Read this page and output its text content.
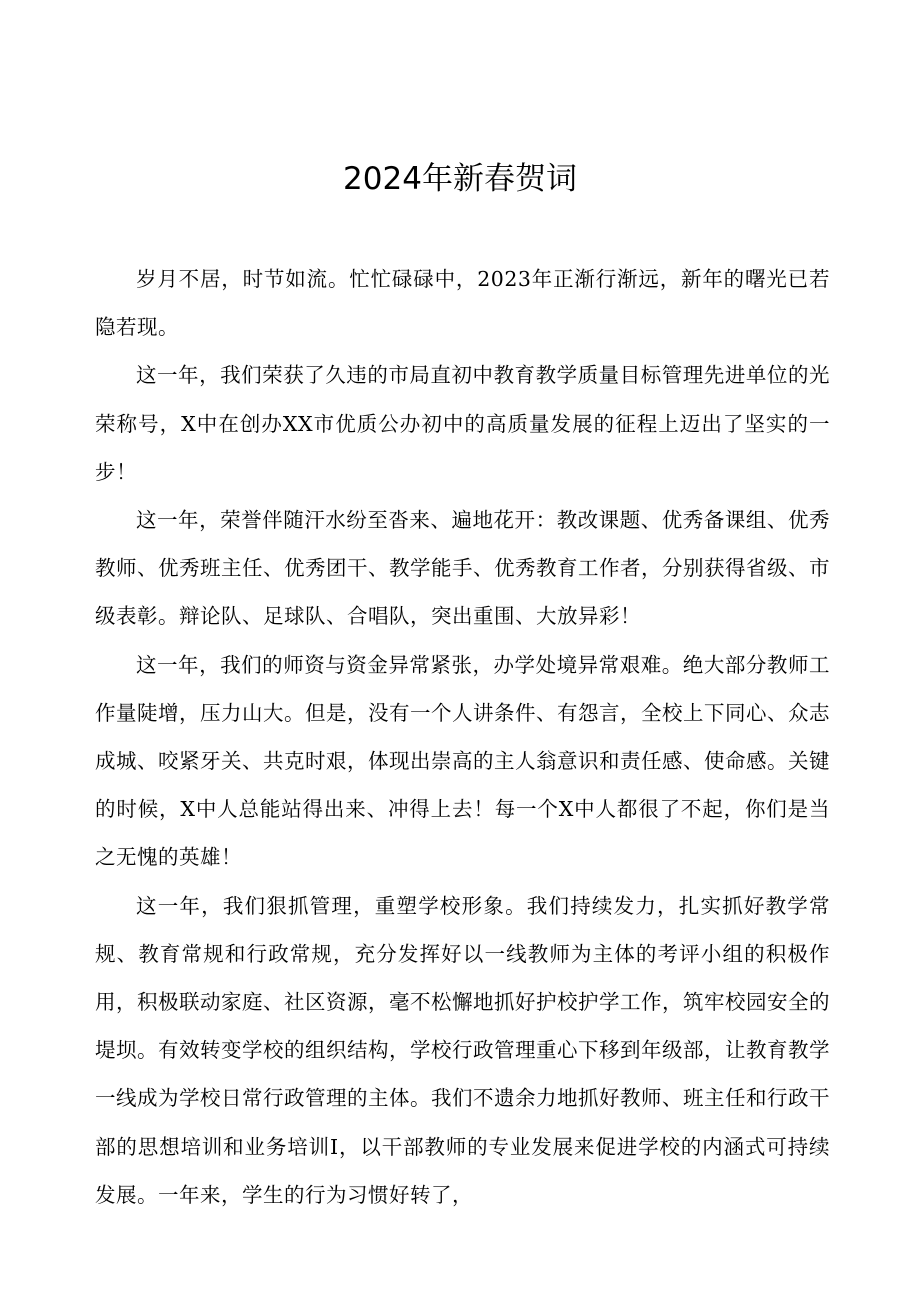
2024年新春贺词

岁月不居，时节如流。忙忙碌碌中，2023年正渐行渐远，新年的曙光已若隐若现。

这一年，我们荣获了久违的市局直初中教育教学质量目标管理先进单位的光荣称号，X中在创办XX市优质公办初中的高质量发展的征程上迈出了坚实的一步！

这一年，荣誉伴随汗水纷至沓来、遍地花开：教改课题、优秀备课组、优秀教师、优秀班主任、优秀团干、教学能手、优秀教育工作者，分别获得省级、市级表彰。辩论队、足球队、合唱队，突出重围、大放异彩！

这一年，我们的师资与资金异常紧张，办学处境异常艰难。绝大部分教师工作量陡增，压力山大。但是，没有一个人讲条件、有怨言，全校上下同心、众志成城、咬紧牙关、共克时艰，体现出崇高的主人翁意识和责任感、使命感。关键的时候，X中人总能站得出来、冲得上去！每一个X中人都很了不起，你们是当之无愧的英雄！

这一年，我们狠抓管理，重塑学校形象。我们持续发力，扎实抓好教学常规、教育常规和行政常规，充分发挥好以一线教师为主体的考评小组的积极作用，积极联动家庭、社区资源，毫不松懈地抓好护校护学工作，筑牢校园安全的堤坝。有效转变学校的组织结构，学校行政管理重心下移到年级部，让教育教学一线成为学校日常行政管理的主体。我们不遗余力地抓好教师、班主任和行政干部的思想培训和业务培训I，以干部教师的专业发展来促进学校的内涵式可持续发展。一年来，学生的行为习惯好转了，
